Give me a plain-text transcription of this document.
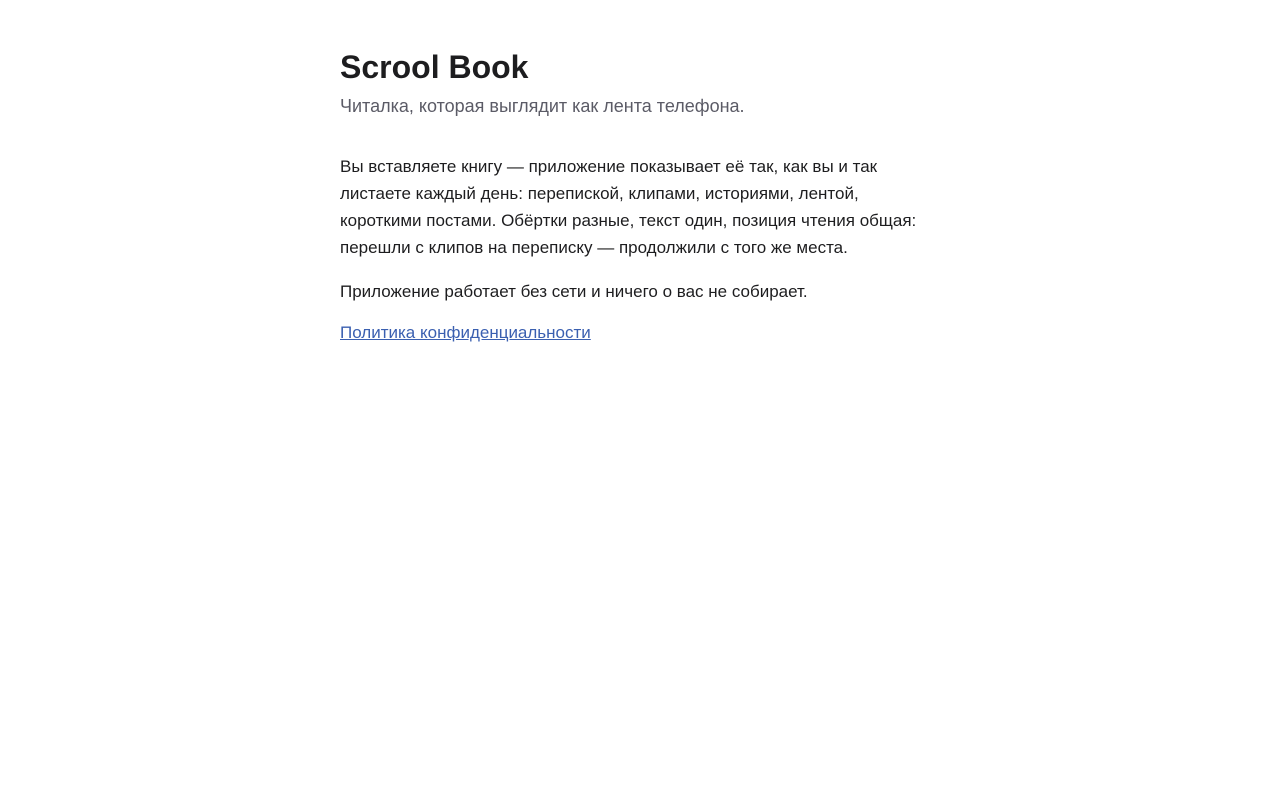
Scrool Book

Читалка, которая выглядит как лента телефона.

Вы вставляете книгу — приложение показывает её так, как вы и так листаете каждый день: перепиской, клипами, историями, лентой, короткими постами. Обёртки разные, текст один, позиция чтения общая: перешли с клипов на переписку — продолжили с того же места.

Приложение работает без сети и ничего о вас не собирает.

Политика конфиденциальности
